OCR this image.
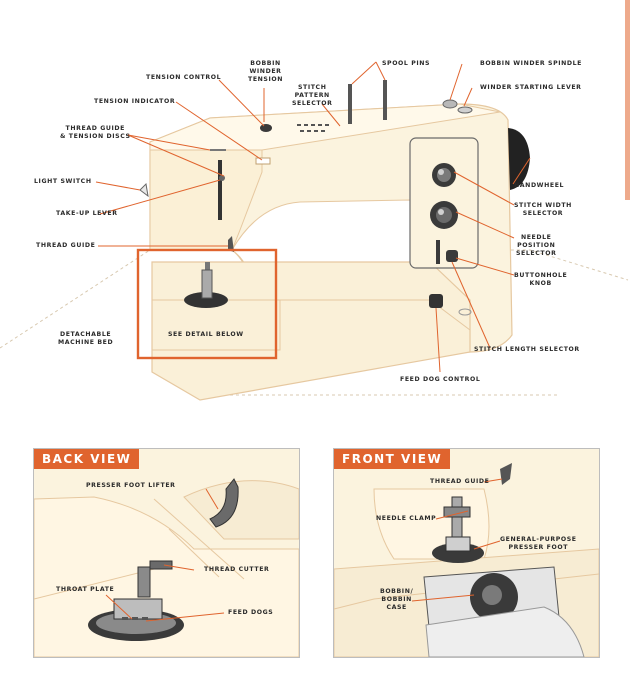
BOBBIN
WINDER
TENSION
SPOOL PINS	BOBBIN WINDER SPINDLE
TENSION CONTROL
STITCH
PATTERN
SELECTOR
WINDER STARTING LEVER
TENSION INDICATOR
THREAD GUIDE
& TENSION DISCS
HANDWHEEL
LIGHT SWITCH
STITCH WIDTH
SELECTOR
TAKE-UP LEVER
NEEDLE
POSITION
SELECTOR
THREAD GUIDE
BUTTONHOLE
KNOB
SEE DETAIL BELOW
DETACHABLE
MACHINE BED
STITCH LENGTH SELECTOR
FEED DOG CONTROL
BACK VIEW
PRESSER FOOT LIFTER
THREAD CUTTER
THROAT PLATE
FEED DOGS
FRONT VIEW
THREAD GUIDE
NEEDLE CLAMP
GENERAL-PURPOSE
PRESSER FOOT
BOBBIN/
BOBBIN
CASE
